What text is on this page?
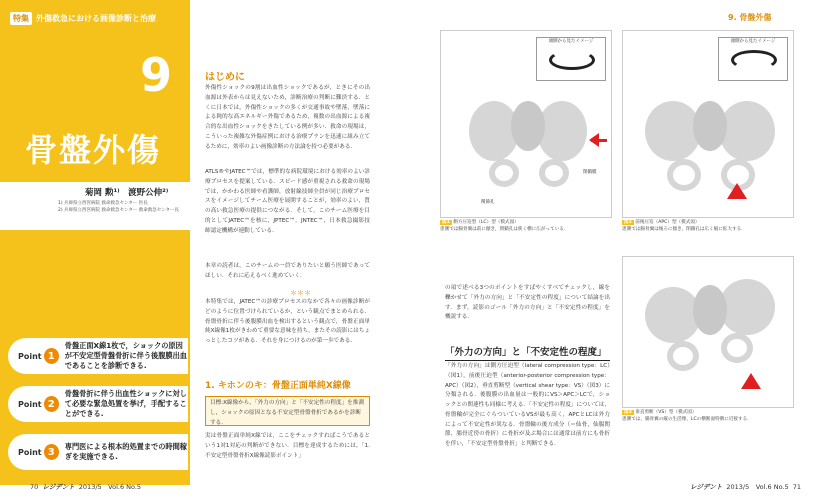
特集 外傷救急における画像診断と治療
9
骨盤外傷
菊岡 勲¹⁾　渡野公伸²⁾
1) 兵庫県立西宮病院 救命救急センター 医長
2) 兵庫県立西宮病院 救命救急センター 救命救急センター長
Point 1
骨盤正面X線1枚で，ショックの原因が不安定型骨盤骨折に伴う後腹膜出血であることを診断できる.
Point 2
骨盤骨折に伴う出血性ショックに対して必要な緊急処置を挙げ，手配することができる.
Point 3	専門医による根本的処置までの時間稼ぎを実施できる.
はじめに
外傷性ショックの9割は出血性ショックであるが，ときにその出血源は外表からは見えないため，診断治療の判断に難渋する．とくに日本では，外傷性ショックの多くが交通事故や墜落，墜落による鈍的な高エネルギー外傷であるため，複数の出血源による複合的な出血性ショックをきたしている例が多い．救命の現場は，こういった複雑な外傷症例における治療プランを迅速に組み立てるために，効率のよい画像診断の方法論を持つ必要がある．
ATLS®やJATEC™では，標準的な病院環境における効率のよい診療プロセスを提案している．スピード感が重視される救命の現場では，かかわる医師や看護師，放射線技師全員が同じ治療プロセスをイメージしてチーム医療を展開することが，効率のよい，質の高い救急医療の提供につながる．そして，このチーム医療を目的としてJATEC™を核に，JPTEC™，JNTEC™，日本救急撮影技師認定機構が連動している．
本章の読者は，このチームの一員でありたいと願う医師であってほしい．それに応えるべく進めていく．
＊＊＊
本特集では，JATEC™の診療プロセスのなかで各々の画像診断がどのように位置づけられているか，という観点でまとめられる．骨盤骨折に伴う後腹膜出血を検出するという観点で，骨盤正面単純X線像1枚がきわめて重要な意味を持ち，またその読影にはちょっとしたコツがある．それを身につけるのが第一歩である．
1. キホンのキ：骨盤正面単純X線像
目標:X線像から，「外力の方向」と「不安定性の程度」を推測し，ショックの原因となる不安定型骨盤骨折であるかを診断する．
実は骨盤正面単純X線では，ここをチェックすればこうであるという1対1対応の判断ができない．目標を達成するためには，「1.不安定型骨盤骨折X線像読影ポイント」
9. 骨盤外傷
頭側から見たイメージ
閉鎖膜
関節孔
図1 側方圧迫型（LC）型（模式図）
患側では腸骨翼は前に傾き，閉鎖孔は狭く横に広がっている．
頭側から見たイメージ
図2 前後圧迫（APC）型（模式図）
患側では腸骨翼は後ろに傾き，閉鎖孔は広く縦に拡大する．
の項で述べる3つのポイントをすばやくすべてチェックし，線を轢かせて「外力の方向」と「不安定性の程度」について結論を出す．まず，読影のゴール「外力の方向」と「不安定性の程度」を概説する．
「外力の方向」と「不安定性の程度」
「外力の方向」は側方圧迫型（lateral compression type：LC）（図1），前後圧迫型（anterior-posterior compression type：APC）（図2），垂直剪断型（vertical shear type：VS）（図3）に分類される．後腹膜の出血量は一般的にVS＞APC＞LCで，ショックとの関連性も同様に考える．「不安定性の程度」については，骨盤輪が完全にぐらついているVSが最も高く，APCとLCは外力によって不安定性が異なる．骨盤輪の後方成分（＝仙骨，仙腸関節，腸骨近傍の骨折）に骨折が及ぶ場合には通常は前方にも骨折を伴い，「不安定型骨盤骨折」と判断できる．
図3 垂直剪断（VS）型（模式図）
患側では，腸骨翼の縦の生活像，LCの横断面特徴に近接する．
70 レジデント 2013/5　Vol.6 No.5	レジデント 2013/5　Vol.6 No.5 71
